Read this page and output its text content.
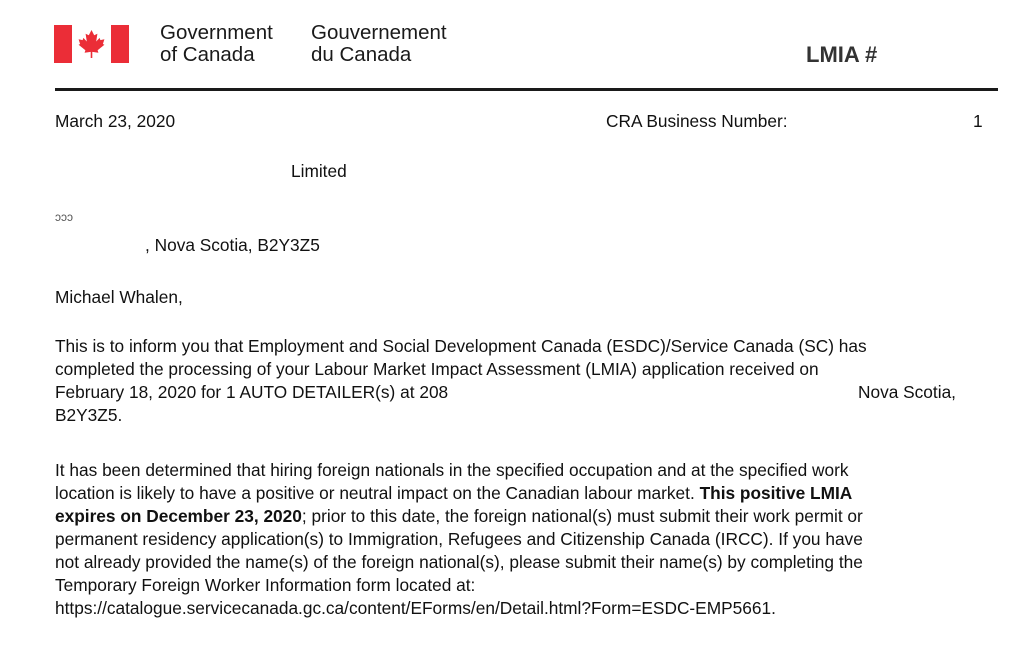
Government
of Canada
Gouvernement
du Canada	LMIA #
March 23, 2020	CRA Business Number:	1
Limited
ɔɔɔ
, Nova Scotia, B2Y3Z5
Michael Whalen,

This is to inform you that Employment and Social Development Canada (ESDC)/Service Canada (SC) has

completed the processing of your Labour Market Impact Assessment (LMIA) application received on

February 18, 2020 for 1 AUTO DETAILER(s) at 208	Nova Scotia,

B2Y3Z5.

It has been determined that hiring foreign nationals in the specified occupation and at the specified work

location is likely to have a positive or neutral impact on the Canadian labour market. This positive LMIA

expires on December 23, 2020; prior to this date, the foreign national(s) must submit their work permit or

permanent residency application(s) to Immigration, Refugees and Citizenship Canada (IRCC). If you have

not already provided the name(s) of the foreign national(s), please submit their name(s) by completing the

Temporary Foreign Worker Information form located at:

https://catalogue.servicecanada.gc.ca/content/EForms/en/Detail.html?Form=ESDC-EMP5661.
